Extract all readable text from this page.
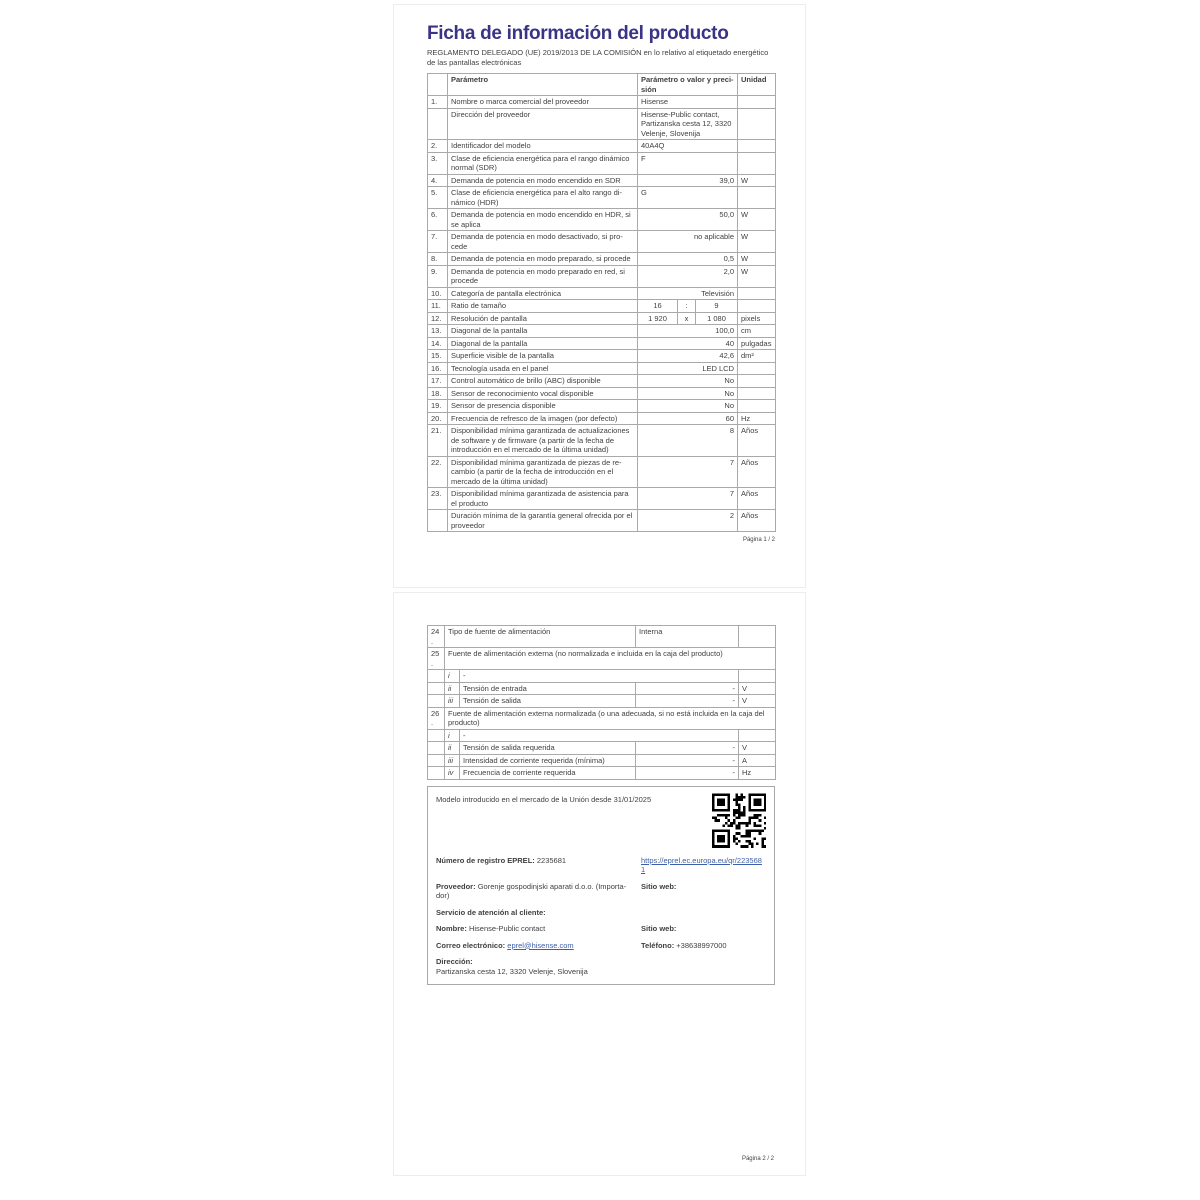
Ficha de información del producto

REGLAMENTO DELEGADO (UE) 2019/2013 DE LA COMISIÓN en lo relativo al etiquetado energético de las pantallas electrónicas

	Parámetro	Parámetro o valor y precisión			Unidad
1.	Nombre o marca comercial del proveedor	Hisense			
	Dirección del proveedor	Hisense-Public contact, Partizanska cesta 12, 3320 Velenje, Slovenija			
2.	Identificador del modelo	40A4Q			
3.	Clase de eficiencia energética para el rango dinámico normal (SDR)	F			
4.	Demanda de potencia en modo encendido en SDR	39,0			W
5.	Clase de eficiencia energética para el alto rango dinámico (HDR)	G			
6.	Demanda de potencia en modo encendido en HDR, si se aplica	50,0			W
7.	Demanda de potencia en modo desactivado, si procede	no aplicable			W
8.	Demanda de potencia en modo preparado, si procede	0,5			W
9.	Demanda de potencia en modo preparado en red, si procede	2,0			W
10.	Categoría de pantalla electrónica	Televisión			
11.	Ratio de tamaño	16	:	9	
12.	Resolución de pantalla	1 920	x	1 080	pixels
13.	Diagonal de la pantalla	100,0			cm
14.	Diagonal de la pantalla	40			pulgadas
15.	Superficie visible de la pantalla	42,6			dm²
16.	Tecnología usada en el panel	LED LCD			
17.	Control automático de brillo (ABC) disponible	No			
18.	Sensor de reconocimiento vocal disponible	No			
19.	Sensor de presencia disponible	No			
20.	Frecuencia de refresco de la imagen (por defecto)	60			Hz
21.	Disponibilidad mínima garantizada de actualizaciones de software y de firmware (a partir de la fecha de introducción en el mercado de la última unidad)	8			Años
22.	Disponibilidad mínima garantizada de piezas de recambio (a partir de la fecha de introducción en el mercado de la última unidad)	7			Años
23.	Disponibilidad mínima garantizada de asistencia para el producto	7			Años
	Duración mínima de la garantía general ofrecida por el proveedor	2			Años
Página 1 / 2
24.	Tipo de fuente de alimentación		Interna	
25.	Fuente de alimentación externa (no normalizada e incluida en la caja del producto)			
	i	-		
	ii	Tensión de entrada	-	V
	iii	Tensión de salida	-	V
26.	Fuente de alimentación externa normalizada (o una adecuada, si no está incluida en la caja del producto)			
	i	-		
	ii	Tensión de salida requerida	-	V
	iii	Intensidad de corriente requerida (mínima)	-	A
	iv	Frecuencia de corriente requerida	-	Hz
Modelo introducido en el mercado de la Unión desde 31/01/2025
Número de registro EPREL: 2235681	https://eprel.ec.europa.eu/qr/2235681
Proveedor: Gorenje gospodinjski aparati d.o.o. (Importador)
Sitio web:
Servicio de atención al cliente:
Nombre: Hisense-Public contact	Sitio web:
Correo electrónico: eprel@hisense.com	Teléfono: +38638997000
Dirección:
Partizanska cesta 12, 3320 Velenje, Slovenija
Página 2 / 2
